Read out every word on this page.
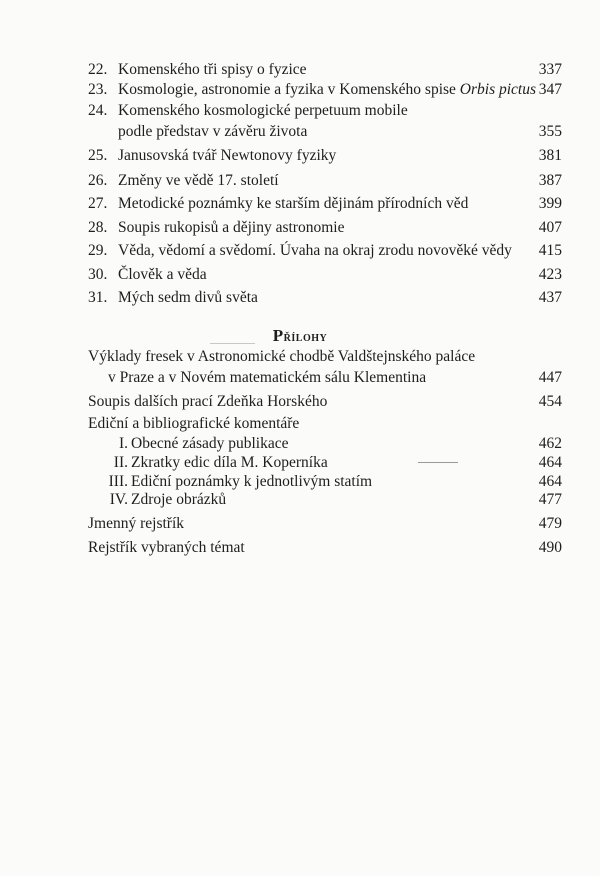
22. Komenského tři spisy o fyzice	337
23. Kosmologie, astronomie a fyzika v Komenského spise Orbis pictus 347
24. Komenského kosmologické perpetuum mobile
podle představ v závěru života	355
25. Janusovská tvář Newtonovy fyziky	381
26. Změny ve vědě 17. století	387
27. Metodické poznámky ke starším dějinám přírodních věd	399
28. Soupis rukopisů a dějiny astronomie	407
29. Věda, vědomí a svědomí. Úvaha na okraj zrodu novověké vědy 415
30. Člověk a věda	423
31. Mých sedm divů světa	437
Přílohy
Výklady fresek v Astronomické chodbě Valdštejnského paláce
v Praze a v Novém matematickém sálu Klementina	447
Soupis dalších prací Zdeňka Horského	454
Ediční a bibliografické komentáře
I. Obecné zásady publikace	462
II. Zkratky edic díla M. Koperníka	464
III. Ediční poznámky k jednotlivým statím	464
IV. Zdroje obrázků	477
Jmenný rejstřík	479
Rejstřík vybraných témat	490
